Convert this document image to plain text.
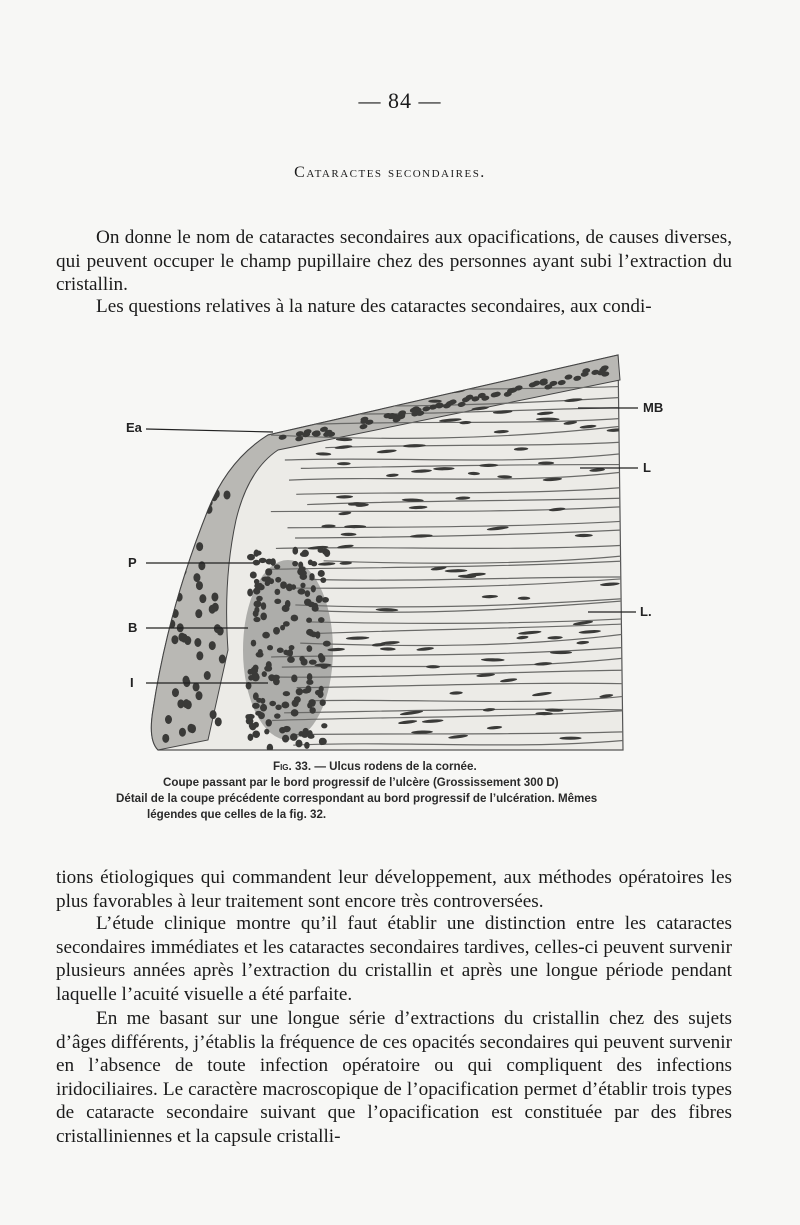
— 84 —
Cataractes secondaires.

On donne le nom de cataractes secondaires aux opacifications, de causes diverses, qui peuvent occuper le champ pupillaire chez des personnes ayant subi l’extraction du cristallin.

Les questions relatives à la nature des cataractes secondaires, aux condi-

Ea
MB
L
P
L.
B
I
Fig. 33. — Ulcus rodens de la cornée.
Coupe passant par le bord progressif de l’ulcère (Grossissement 300 D)
Détail de la coupe précédente correspondant au bord progressif de l’ulcération. Mêmes
légendes que celles de la fig. 32.

tions étiologiques qui commandent leur développement, aux méthodes opératoires les plus favorables à leur traitement sont encore très controversées.

L’étude clinique montre qu’il faut établir une distinction entre les cataractes secondaires immédiates et les cataractes secondaires tardives, celles-ci peuvent survenir plusieurs années après l’extraction du cristallin et après une longue période pendant laquelle l’acuité visuelle a été parfaite.

En me basant sur une longue série d’extractions du cristallin chez des sujets d’âges différents, j’établis la fréquence de ces opacités secondaires qui peuvent survenir en l’absence de toute infection opératoire ou qui compliquent des infections iridociliaires. Le caractère macroscopique de l’opacification permet d’établir trois types de cataracte secondaire suivant que l’opacification est constituée par des fibres cristalliniennes et la capsule cristalli-
